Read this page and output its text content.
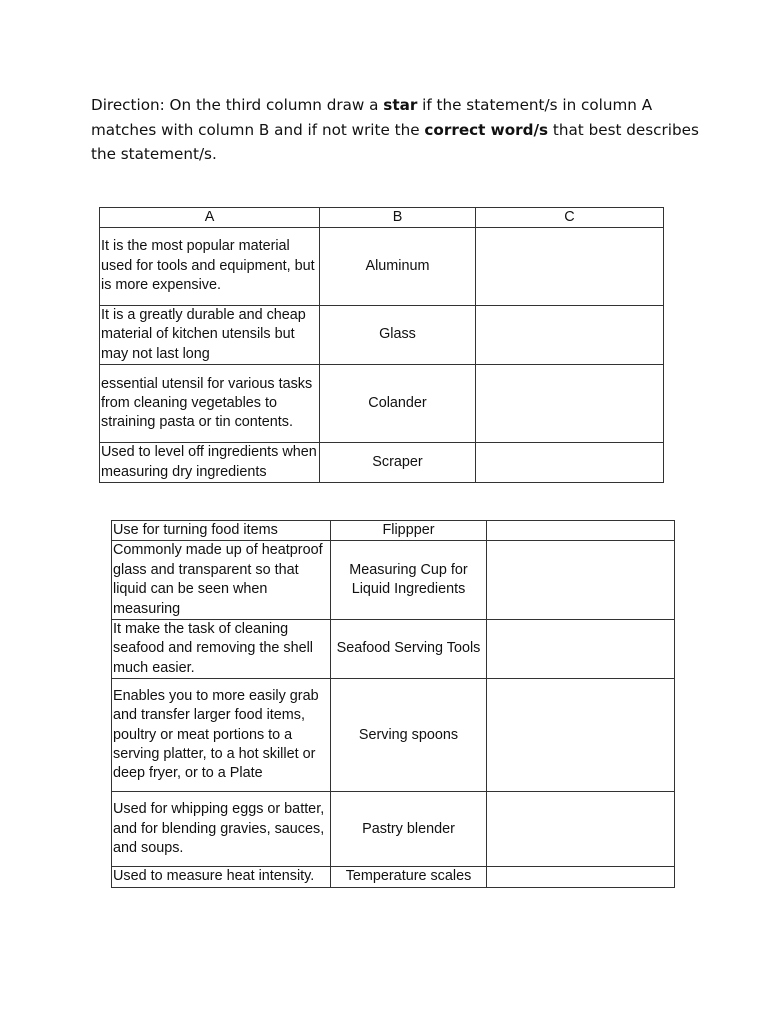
Direction: On the third column draw a star if the statement/s in column A matches with column B and if not write the correct word/s that best describes the statement/s.

A	B	C
It is the most popular material used for tools and equipment, but is more expensive.	Aluminum	
It is a greatly durable and cheap material of kitchen utensils but may not last long	Glass	
essential utensil for various tasks from cleaning vegetables to straining pasta or tin contents.	Colander	
Used to level off ingredients when measuring dry ingredients	Scraper	
Use for turning food items	Flippper	
Commonly made up of heatproof glass and transparent so that liquid can be seen when measuring	Measuring Cup for Liquid Ingredients	
It make the task of cleaning seafood and removing the shell much easier.	Seafood Serving Tools	
Enables you to more easily grab and transfer larger food items, poultry or meat portions to a serving platter, to a hot skillet or deep fryer, or to a Plate	Serving spoons	
Used for whipping eggs or batter, and for blending gravies, sauces, and soups.	Pastry blender	
Used to measure heat intensity.	Temperature scales	
